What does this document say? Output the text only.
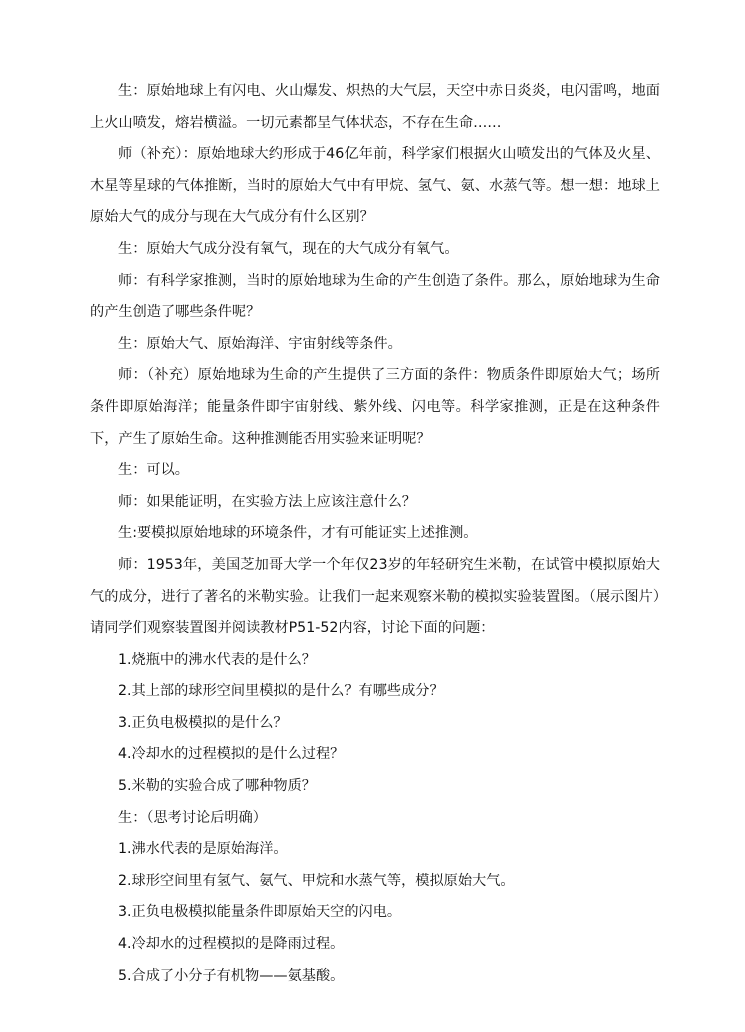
生：原始地球上有闪电、火山爆发、炽热的大气层，天空中赤日炎炎，电闪雷鸣，地面上火山喷发，熔岩横溢。一切元素都呈气体状态，不存在生命……

师（补充）：原始地球大约形成于46亿年前，科学家们根据火山喷发出的气体及火星、木星等星球的气体推断，当时的原始大气中有甲烷、氢气、氨、水蒸气等。想一想：地球上原始大气的成分与现在大气成分有什么区别？

生：原始大气成分没有氧气，现在的大气成分有氧气。

师：有科学家推测，当时的原始地球为生命的产生创造了条件。那么，原始地球为生命的产生创造了哪些条件呢？

生：原始大气、原始海洋、宇宙射线等条件。

师：（补充）原始地球为生命的产生提供了三方面的条件：物质条件即原始大气；场所条件即原始海洋；能量条件即宇宙射线、紫外线、闪电等。科学家推测，正是在这种条件下，产生了原始生命。这种推测能否用实验来证明呢？

生：可以。

师：如果能证明，在实验方法上应该注意什么？

生:要模拟原始地球的环境条件，才有可能证实上述推测。

师：1953年，美国芝加哥大学一个年仅23岁的年轻研究生米勒，在试管中模拟原始大气的成分，进行了著名的米勒实验。让我们一起来观察米勒的模拟实验装置图。（展示图片）请同学们观察装置图并阅读教材P51-52内容，讨论下面的问题：

1.烧瓶中的沸水代表的是什么？

2.其上部的球形空间里模拟的是什么？有哪些成分？

3.正负电极模拟的是什么？

4.冷却水的过程模拟的是什么过程？

5.米勒的实验合成了哪种物质？

生：（思考讨论后明确）

1.沸水代表的是原始海洋。

2.球形空间里有氢气、氨气、甲烷和水蒸气等，模拟原始大气。

3.正负电极模拟能量条件即原始天空的闪电。

4.冷却水的过程模拟的是降雨过程。

5.合成了小分子有机物——氨基酸。
